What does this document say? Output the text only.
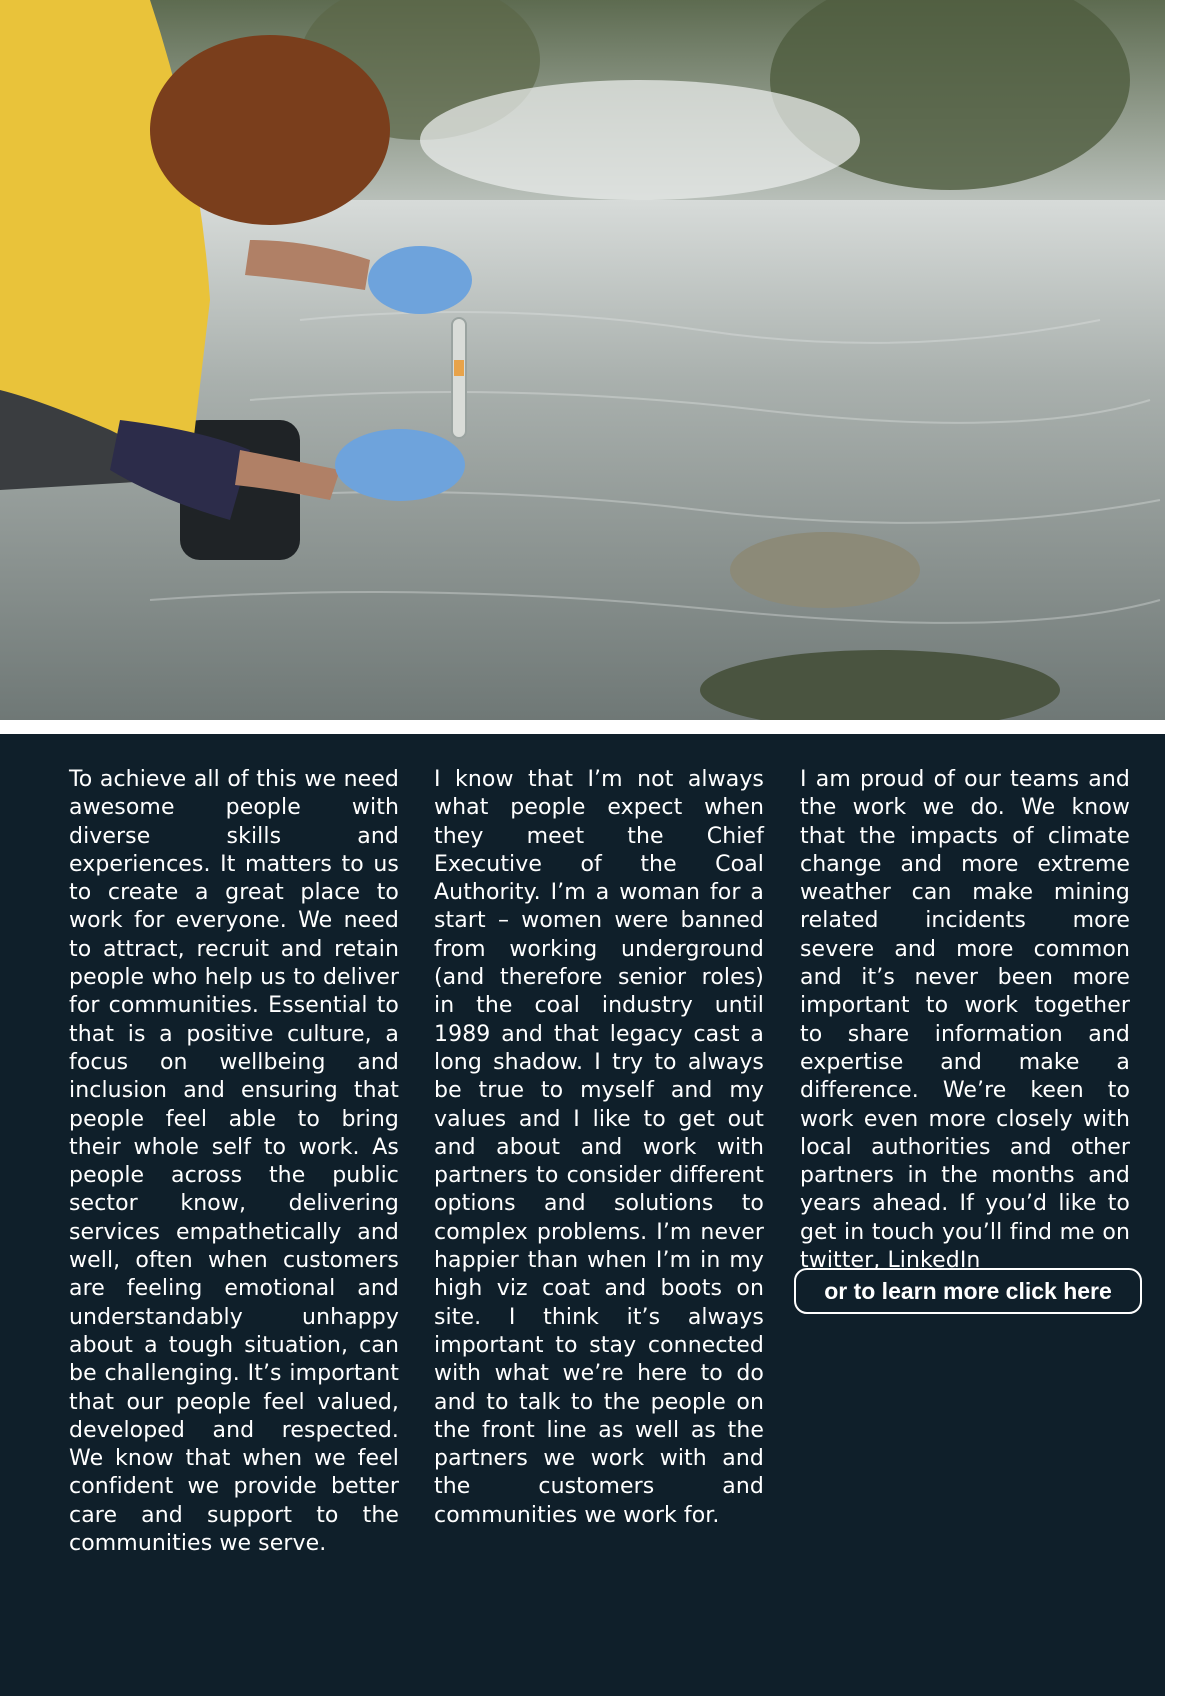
To achieve all of this we need awesome people with diverse skills and experiences. It matters to us to create a great place to work for everyone. We need to attract, recruit and retain people who help us to deliver for communities. Essential to that is a positive culture, a focus on wellbeing and inclusion and ensuring that people feel able to bring their whole self to work. As people across the public sector know, delivering services empathetically and well, often when customers are feeling emotional and understandably unhappy about a tough situation, can be challenging. It’s important that our people feel valued, developed and respected. We know that when we feel confident we provide better care and support to the communities we serve.
I know that I’m not always what people expect when they meet the Chief Executive of the Coal Authority. I’m a woman for a start – women were banned from working underground (and therefore senior roles) in the coal industry until 1989 and that legacy cast a long shadow. I try to always be true to myself and my values and I like to get out and about and work with partners to consider different options and solutions to complex problems. I’m never happier than when I’m in my high viz coat and boots on site. I think it’s always important to stay connected with what we’re here to do and to talk to the people on the front line as well as the partners we work with and the customers and communities we work for.
I am proud of our teams and the work we do. We know that the impacts of climate change and more extreme weather can make mining related incidents more severe and more common and it’s never been more important to work together to share information and expertise and make a difference. We’re keen to work even more closely with local authorities and other partners in the months and years ahead. If you’d like to get in touch you’ll find me on twitter, LinkedIn
or to learn more click here
